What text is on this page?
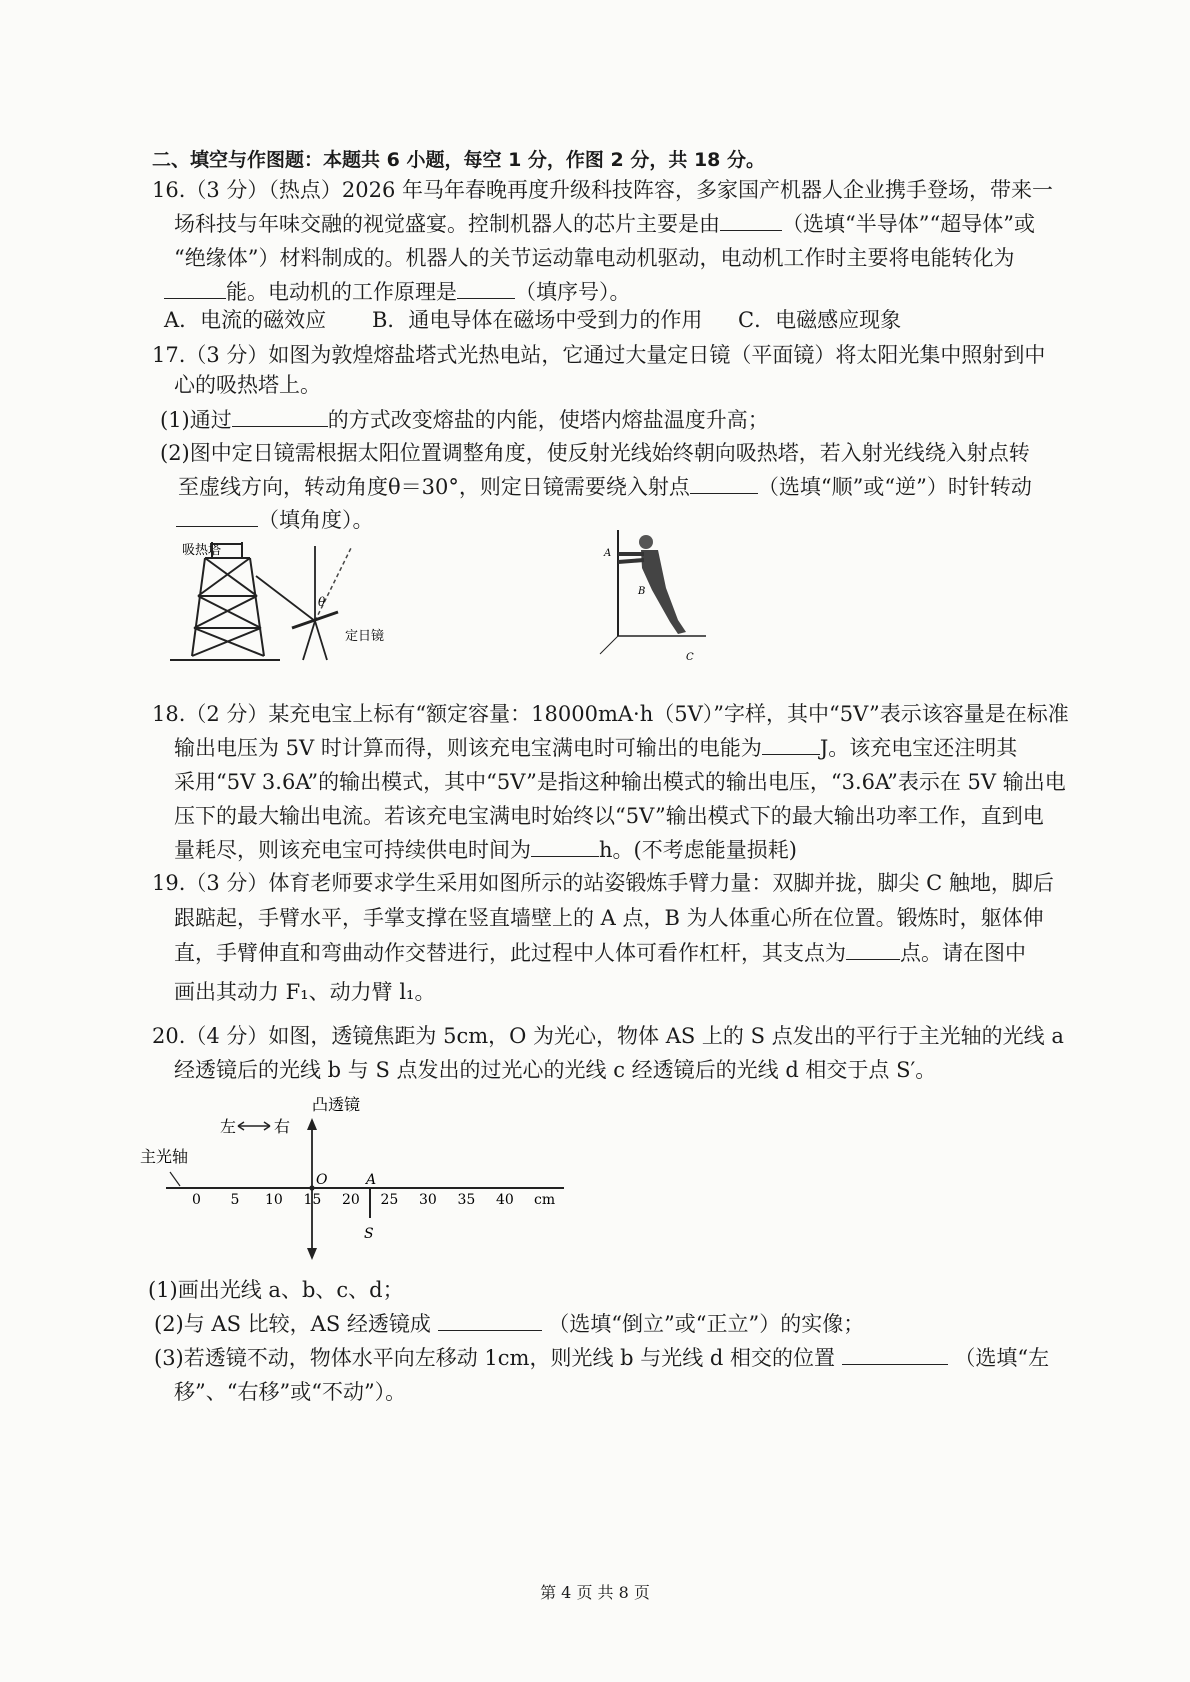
二、填空与作图题：本题共 6 小题，每空 1 分，作图 2 分，共 18 分。
16.（3 分）（热点）2026 年马年春晚再度升级科技阵容，多家国产机器人企业携手登场，带来一
场科技与年味交融的视觉盛宴。控制机器人的芯片主要是由	（选填“半导体”“超导体”或
“绝缘体”）材料制成的。机器人的关节运动靠电动机驱动，电动机工作时主要将电能转化为
能。电动机的工作原理是	（填序号）。
A．电流的磁效应 B．通电导体在磁场中受到力的作用 C．电磁感应现象
17.（3 分）如图为敦煌熔盐塔式光热电站，它通过大量定日镜（平面镜）将太阳光集中照射到中
心的吸热塔上。
(1)通过	的方式改变熔盐的内能，使塔内熔盐温度升高；
(2)图中定日镜需根据太阳位置调整角度，使反射光线始终朝向吸热塔，若入射光线绕入射点转
至虚线方向，转动角度θ＝30°，则定日镜需要绕入射点	（选填“顺”或“逆”）时针转动
（填角度）。
吸热塔
θ
定日镜
A
B
C
18.（2 分）某充电宝上标有“额定容量：18000mA·h（5V）”字样，其中“5V”表示该容量是在标准
输出电压为 5V 时计算而得，则该充电宝满电时可输出的电能为	J。该充电宝还注明其
采用“5V 3.6A”的输出模式，其中“5V”是指这种输出模式的输出电压，“3.6A”表示在 5V 输出电
压下的最大输出电流。若该充电宝满电时始终以“5V”输出模式下的最大输出功率工作，直到电
量耗尽，则该充电宝可持续供电时间为	h。(不考虑能量损耗)
19.（3 分）体育老师要求学生采用如图所示的站姿锻炼手臂力量：双脚并拢，脚尖 C 触地，脚后
跟踮起，手臂水平，手掌支撑在竖直墙壁上的 A 点，B 为人体重心所在位置。锻炼时，躯体伸
直，手臂伸直和弯曲动作交替进行，此过程中人体可看作杠杆，其支点为	点。请在图中
画出其动力 F₁、动力臂 l₁。
20.（4 分）如图，透镜焦距为 5cm，O 为光心，物体 AS 上的 S 点发出的平行于主光轴的光线 a
经透镜后的光线 b 与 S 点发出的过光心的光线 c 经透镜后的光线 d 相交于点 S′。
凸透镜
左 右
主光轴
O	A
S
0 5 10 15 20 25 30 35 40 cm
(1)画出光线 a、b、c、d；
(2)与 AS 比较，AS 经透镜成	（选填“倒立”或“正立”）的实像；
(3)若透镜不动，物体水平向左移动 1cm，则光线 b 与光线 d 相交的位置	（选填“左
移”、“右移”或“不动”）。
第 4 页 共 8 页
